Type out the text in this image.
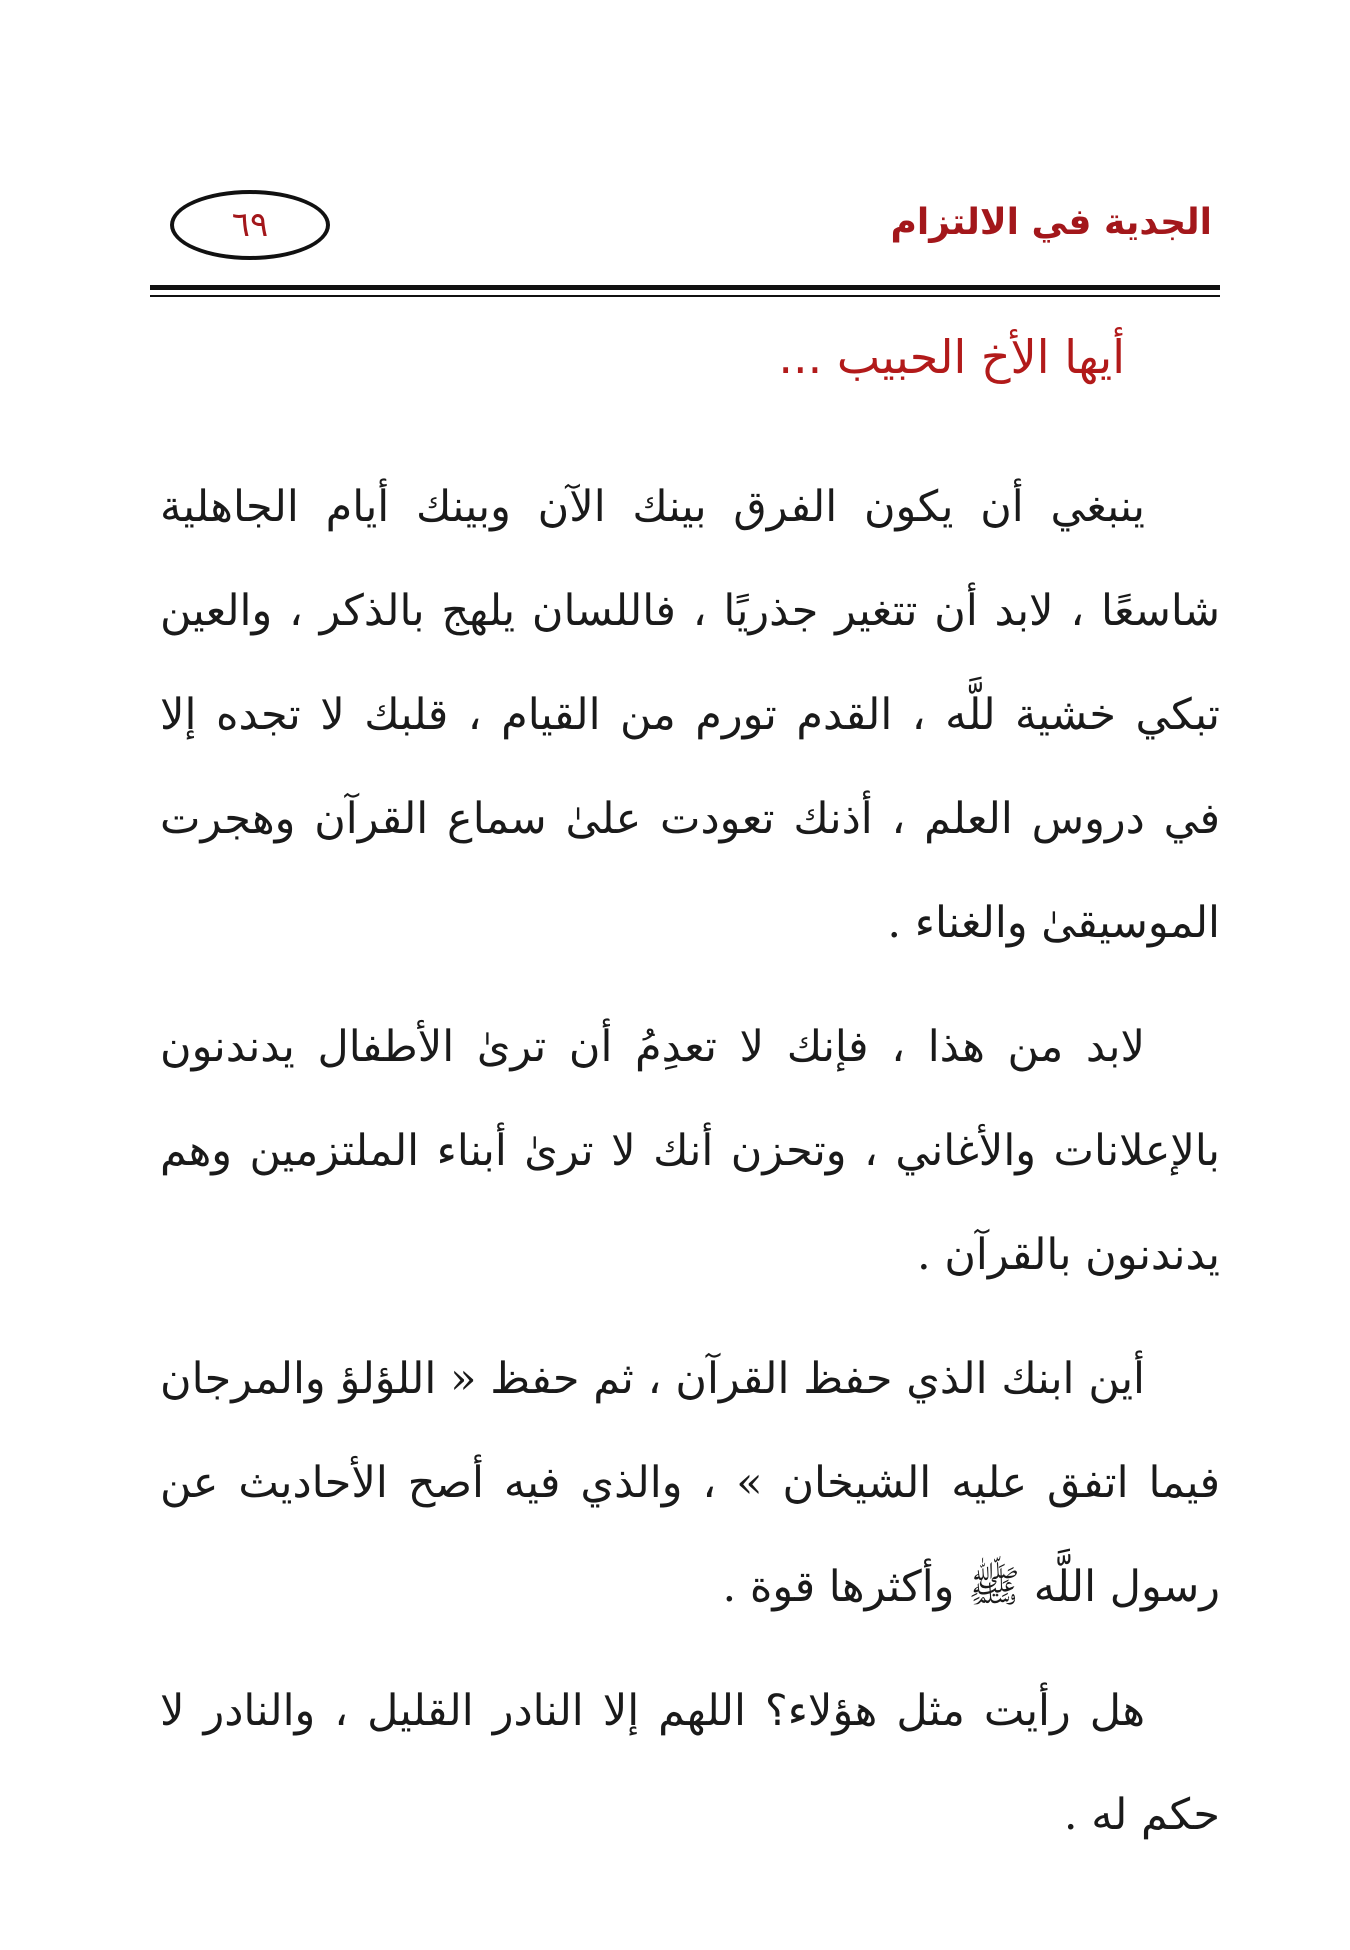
٦٩	الجدية في الالتزام
أيها الأخ الحبيب ...

ينبغي أن يكون الفرق بينك الآن وبينك أيام الجاهلية شاسعًا ، لابد أن تتغير جذريًا ، فاللسان يلهج بالذكر ، والعين تبكي خشية للَّه ، القدم تورم من القيام ، قلبك لا تجده إلا في دروس العلم ، أذنك تعودت علىٰ سماع القرآن وهجرت الموسيقىٰ والغناء .

لابد من هذا ، فإنك لا تعدِمُ أن ترىٰ الأطفال يدندنون بالإعلانات والأغاني ، وتحزن أنك لا ترىٰ أبناء الملتزمين وهم يدندنون بالقرآن .

أين ابنك الذي حفظ القرآن ، ثم حفظ « اللؤلؤ والمرجان فيما اتفق عليه الشيخان » ، والذي فيه أصح الأحاديث عن رسول اللَّه ﷺ وأكثرها قوة .

هل رأيت مثل هؤلاء؟ اللهم إلا النادر القليل ، والنادر لا حكم له .
